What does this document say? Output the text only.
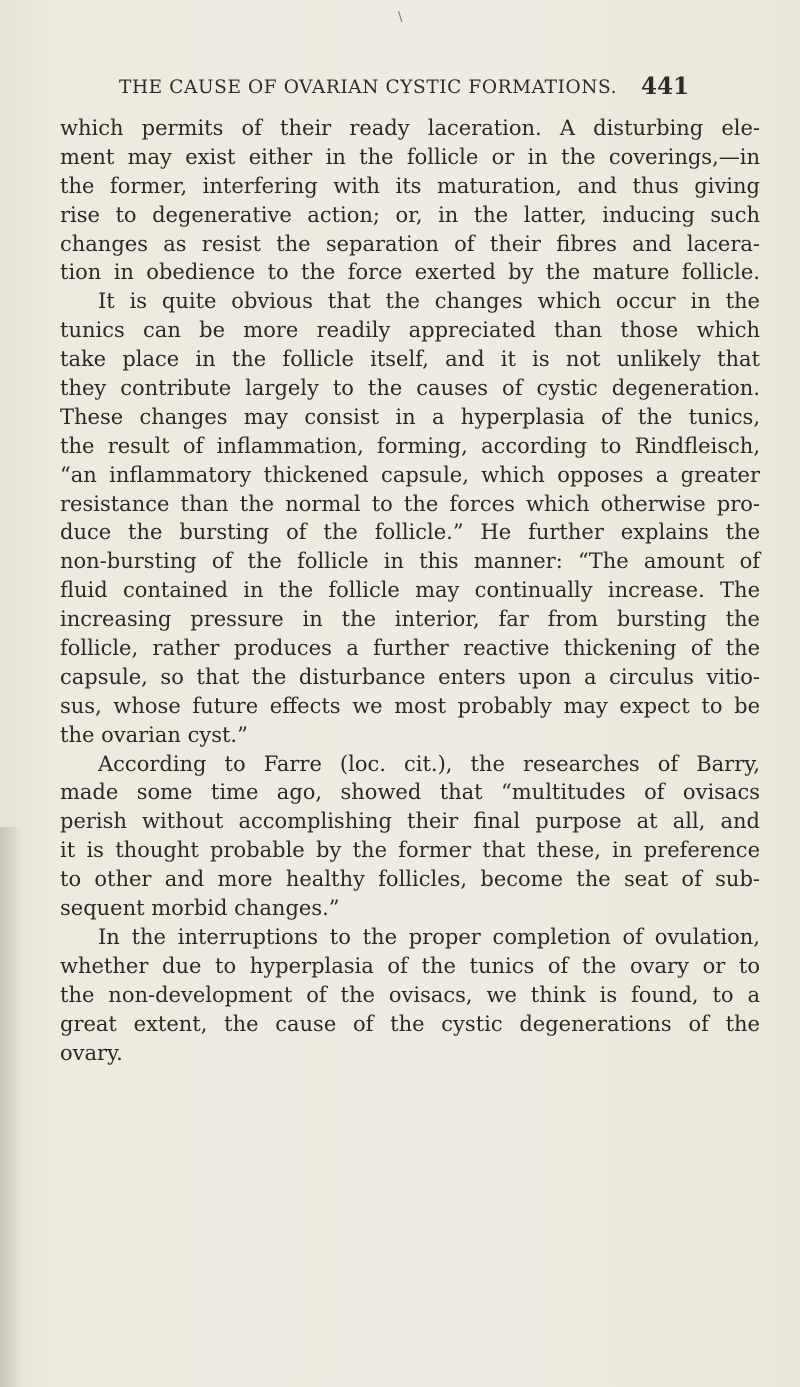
\
THE CAUSE OF OVARIAN CYSTIC FORMATIONS. 441
which permits of their ready laceration. A disturbing ele-
ment may exist either in the follicle or in the coverings,—in
the former, interfering with its maturation, and thus giving
rise to degenerative action; or, in the latter, inducing such
changes as resist the separation of their fibres and lacera-
tion in obedience to the force exerted by the mature follicle.
It is quite obvious that the changes which occur in the
tunics can be more readily appreciated than those which
take place in the follicle itself, and it is not unlikely that
they contribute largely to the causes of cystic degeneration.
These changes may consist in a hyperplasia of the tunics,
the result of inflammation, forming, according to Rindfleisch,
“an inflammatory thickened capsule, which opposes a greater
resistance than the normal to the forces which otherwise pro-
duce the bursting of the follicle.” He further explains the
non-bursting of the follicle in this manner: “The amount of
fluid contained in the follicle may continually increase. The
increasing pressure in the interior, far from bursting the
follicle, rather produces a further reactive thickening of the
capsule, so that the disturbance enters upon a circulus vitio-
sus, whose future effects we most probably may expect to be
the ovarian cyst.”
According to Farre (loc. cit.), the researches of Barry,
made some time ago, showed that “multitudes of ovisacs
perish without accomplishing their final purpose at all, and
it is thought probable by the former that these, in preference
to other and more healthy follicles, become the seat of sub-
sequent morbid changes.”
In the interruptions to the proper completion of ovulation,
whether due to hyperplasia of the tunics of the ovary or to
the non-development of the ovisacs, we think is found, to a
great extent, the cause of the cystic degenerations of the
ovary.
